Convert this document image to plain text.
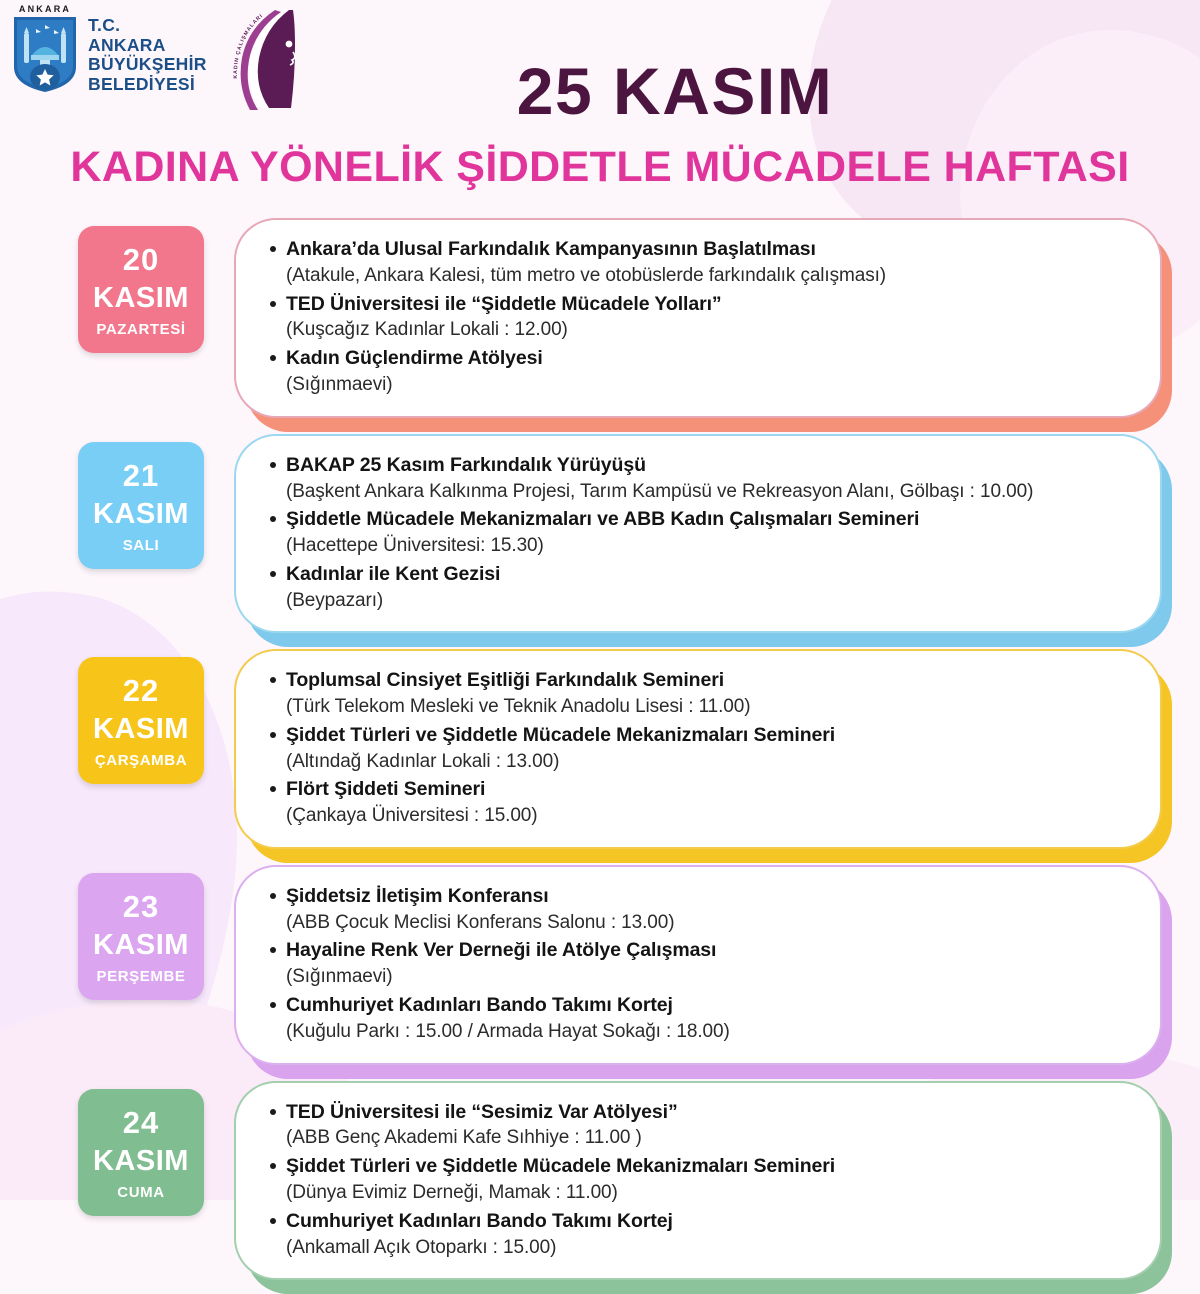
ANKARA
T.C.
ANKARA
BÜYÜKŞEHİR
BELEDİYESİ	KADIN ÇALIŞMALARI
25 KASIM
KADINA YÖNELİK ŞİDDETLE MÜCADELE HAFTASI
20
KASIM
PAZARTESİ
Ankara’da Ulusal Farkındalık Kampanyasının Başlatılması
(Atakule, Ankara Kalesi, tüm metro ve otobüslerde farkındalık çalışması)
TED Üniversitesi ile “Şiddetle Mücadele Yolları”
(Kuşcağız Kadınlar Lokali : 12.00)
Kadın Güçlendirme Atölyesi
(Sığınmaevi)
21
KASIM
SALI
BAKAP 25 Kasım Farkındalık Yürüyüşü
(Başkent Ankara Kalkınma Projesi, Tarım Kampüsü ve Rekreasyon Alanı, Gölbaşı : 10.00)
Şiddetle Mücadele Mekanizmaları ve ABB Kadın Çalışmaları Semineri
(Hacettepe Üniversitesi: 15.30)
Kadınlar ile Kent Gezisi
(Beypazarı)
22
KASIM
ÇARŞAMBA
Toplumsal Cinsiyet Eşitliği Farkındalık Semineri
(Türk Telekom Mesleki ve Teknik Anadolu Lisesi : 11.00)
Şiddet Türleri ve Şiddetle Mücadele Mekanizmaları Semineri
(Altındağ Kadınlar Lokali : 13.00)
Flört Şiddeti Semineri
(Çankaya Üniversitesi : 15.00)
23
KASIM
PERŞEMBE
Şiddetsiz İletişim Konferansı
(ABB Çocuk Meclisi Konferans Salonu : 13.00)
Hayaline Renk Ver Derneği ile Atölye Çalışması
(Sığınmaevi)
Cumhuriyet Kadınları Bando Takımı Kortej
(Kuğulu Parkı : 15.00 / Armada Hayat Sokağı : 18.00)
24
KASIM
CUMA
TED Üniversitesi ile “Sesimiz Var Atölyesi”
(ABB Genç Akademi Kafe Sıhhiye : 11.00 )
Şiddet Türleri ve Şiddetle Mücadele Mekanizmaları Semineri
(Dünya Evimiz Derneği, Mamak : 11.00)
Cumhuriyet Kadınları Bando Takımı Kortej
(Ankamall Açık Otoparkı : 15.00)
